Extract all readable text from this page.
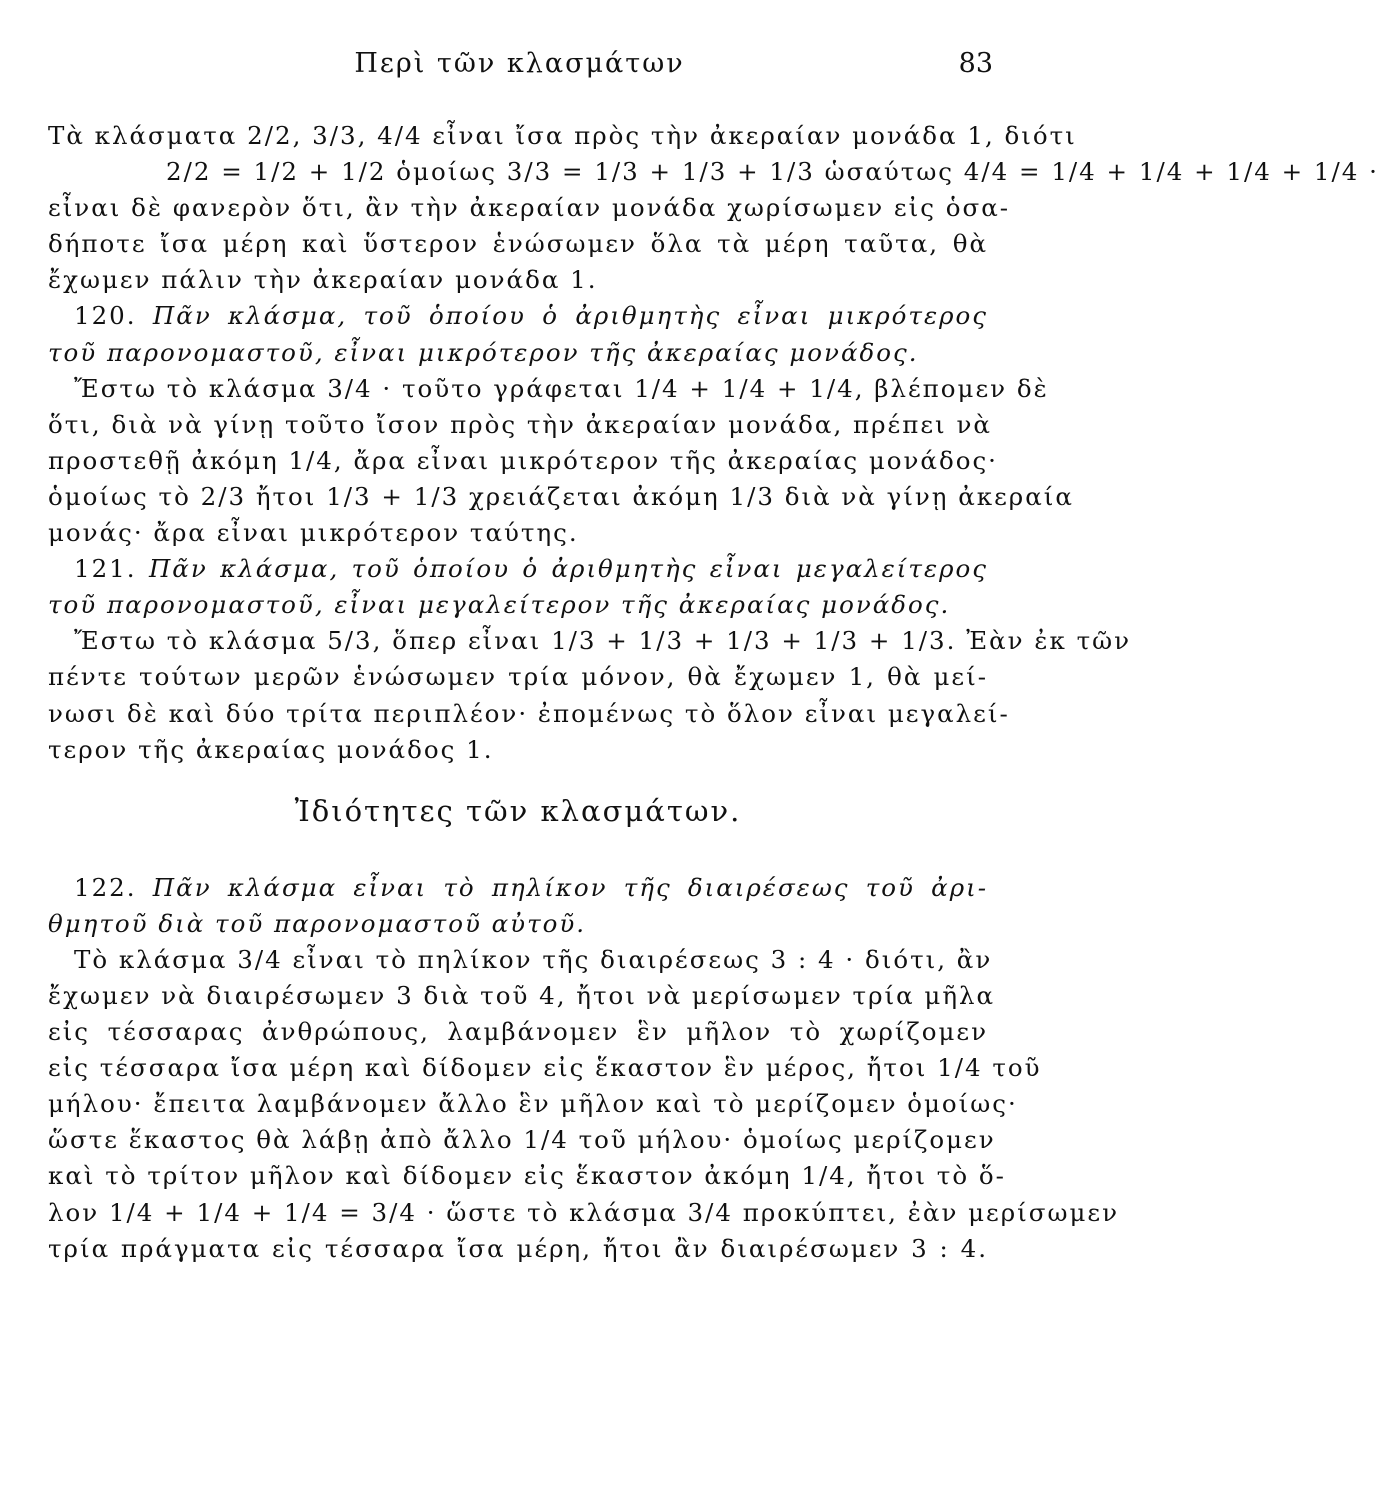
Περὶ τῶν κλασμάτων	83
Τὰ κλάσματα 2/2, 3/3, 4/4 εἶναι ἴσα πρὸς τὴν ἀκεραίαν μονάδα 1, διότι
2/2 = 1/2 + 1/2 ὁμοίως 3/3 = 1/3 + 1/3 + 1/3 ὡσαύτως 4/4 = 1/4 + 1/4 + 1/4 + 1/4 ·
εἶναι δὲ φανερὸν ὅτι, ἂν τὴν ἀκεραίαν μονάδα χωρίσωμεν εἰς ὁσα-
δήποτε ἴσα μέρη καὶ ὕστερον ἑνώσωμεν ὅλα τὰ μέρη ταῦτα, θὰ
ἔχωμεν πάλιν τὴν ἀκεραίαν μονάδα 1.
120. Πᾶν κλάσμα, τοῦ ὁποίου ὁ ἀριθμητὴς εἶναι μικρότερος
τοῦ παρονομαστοῦ, εἶναι μικρότερον τῆς ἀκεραίας μονάδος.
Ἔστω τὸ κλάσμα 3/4 · τοῦτο γράφεται 1/4 + 1/4 + 1/4, βλέπομεν δὲ
ὅτι, διὰ νὰ γίνῃ τοῦτο ἴσον πρὸς τὴν ἀκεραίαν μονάδα, πρέπει νὰ
προστεθῇ ἀκόμη 1/4, ἄρα εἶναι μικρότερον τῆς ἀκεραίας μονάδος·
ὁμοίως τὸ 2/3 ἤτοι 1/3 + 1/3 χρειάζεται ἀκόμη 1/3 διὰ νὰ γίνῃ ἀκεραία
μονάς· ἄρα εἶναι μικρότερον ταύτης.
121. Πᾶν κλάσμα, τοῦ ὁποίου ὁ ἀριθμητὴς εἶναι μεγαλείτερος
τοῦ παρονομαστοῦ, εἶναι μεγαλείτερον τῆς ἀκεραίας μονάδος.
Ἔστω τὸ κλάσμα 5/3, ὅπερ εἶναι 1/3 + 1/3 + 1/3 + 1/3 + 1/3. Ἐὰν ἐκ τῶν
πέντε τούτων μερῶν ἑνώσωμεν τρία μόνον, θὰ ἔχωμεν 1, θὰ μεί-
νωσι δὲ καὶ δύο τρίτα περιπλέον· ἐπομένως τὸ ὅλον εἶναι μεγαλεί-
τερον τῆς ἀκεραίας μονάδος 1.
Ἰδιότητες τῶν κλασμάτων.
122. Πᾶν κλάσμα εἶναι τὸ πηλίκον τῆς διαιρέσεως τοῦ ἀρι-
θμητοῦ διὰ τοῦ παρονομαστοῦ αὐτοῦ.
Τὸ κλάσμα 3/4 εἶναι τὸ πηλίκον τῆς διαιρέσεως 3 : 4 · διότι, ἂν
ἔχωμεν νὰ διαιρέσωμεν 3 διὰ τοῦ 4, ἤτοι νὰ μερίσωμεν τρία μῆλα
εἰς τέσσαρας ἀνθρώπους, λαμβάνομεν ἓν μῆλον τὸ χωρίζομεν
εἰς τέσσαρα ἴσα μέρη καὶ δίδομεν εἰς ἕκαστον ἓν μέρος, ἤτοι 1/4 τοῦ
μήλου· ἔπειτα λαμβάνομεν ἄλλο ἓν μῆλον καὶ τὸ μερίζομεν ὁμοίως·
ὥστε ἕκαστος θὰ λάβῃ ἀπὸ ἄλλο 1/4 τοῦ μήλου· ὁμοίως μερίζομεν
καὶ τὸ τρίτον μῆλον καὶ δίδομεν εἰς ἕκαστον ἀκόμη 1/4, ἤτοι τὸ ὅ-
λον 1/4 + 1/4 + 1/4 = 3/4 · ὥστε τὸ κλάσμα 3/4 προκύπτει, ἐὰν μερίσωμεν
τρία πράγματα εἰς τέσσαρα ἴσα μέρη, ἤτοι ἂν διαιρέσωμεν 3 : 4.
